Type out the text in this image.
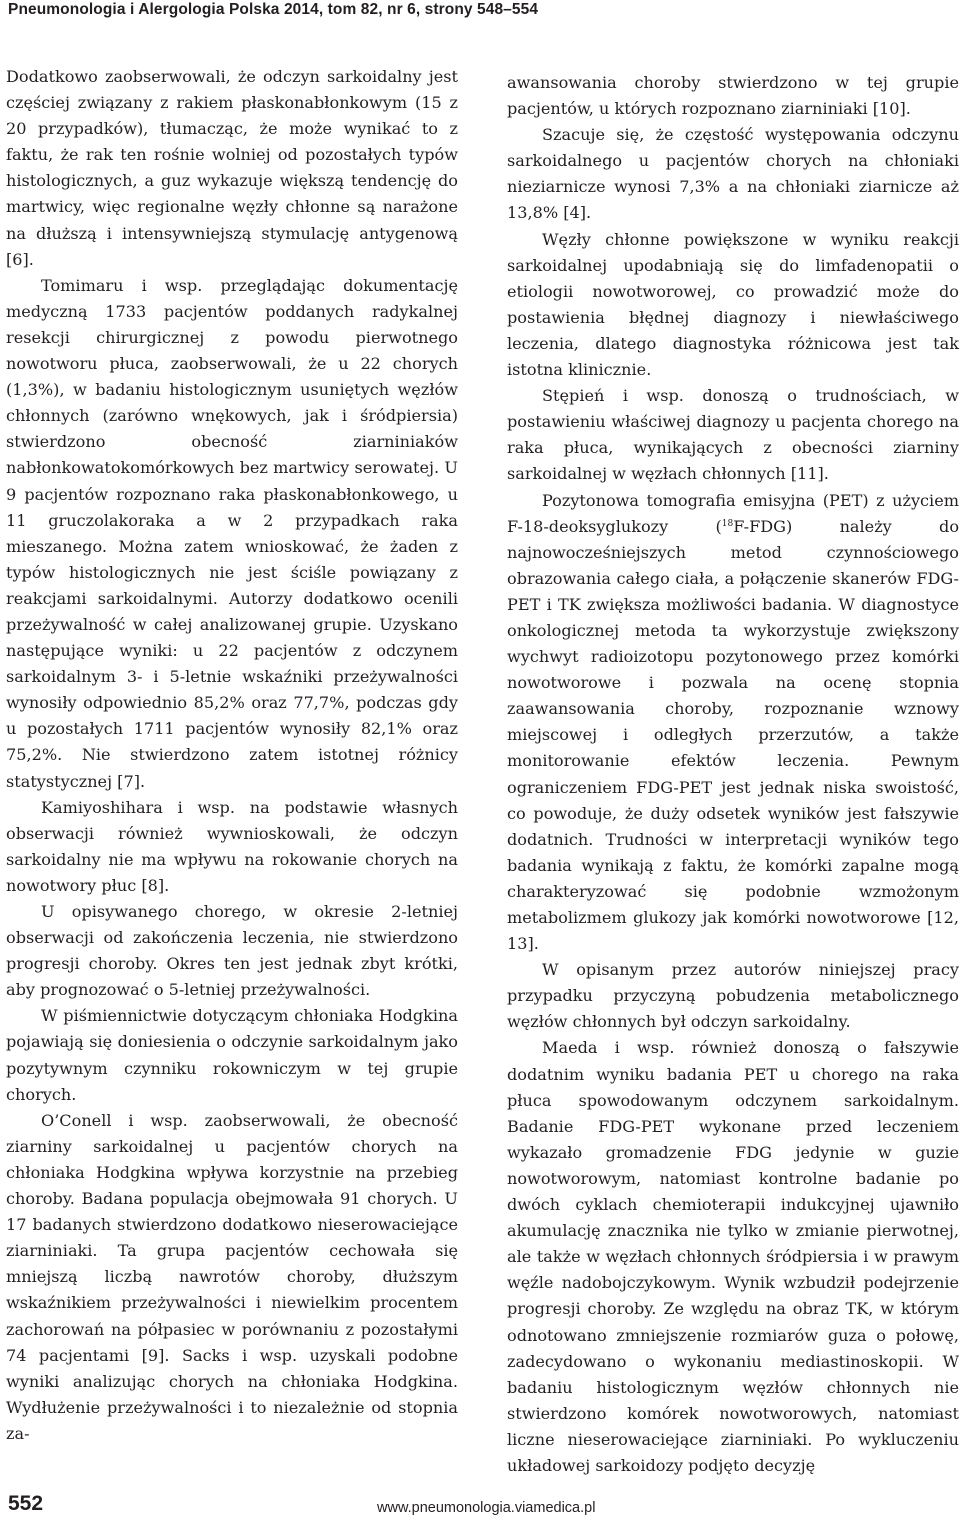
Pneumonologia i Alergologia Polska 2014, tom 82, nr 6, strony 548–554

Dodatkowo zaobserwowali, że odczyn sarkoidalny jest częściej związany z rakiem płaskonabłonkowym (15 z 20 przypadków), tłumacząc, że może wynikać to z faktu, że rak ten rośnie wolniej od pozostałych typów histologicznych, a guz wykazuje większą tendencję do martwicy, więc regionalne węzły chłonne są narażone na dłuższą i intensywniejszą stymulację antygenową [6].

Tomimaru i wsp. przeglądając dokumentację medyczną 1733 pacjentów poddanych radykalnej resekcji chirurgicznej z powodu pierwotnego nowotworu płuca, zaobserwowali, że u 22 chorych (1,3%), w badaniu histologicznym usuniętych węzłów chłonnych (zarówno wnękowych, jak i śródpiersia) stwierdzono obecność ziarniniaków nabłonkowatokomórkowych bez martwicy serowatej. U 9 pacjentów rozpoznano raka płaskonabłonkowego, u 11 gruczolakoraka a w 2 przypadkach raka mieszanego. Można zatem wnioskować, że żaden z typów histologicznych nie jest ściśle powiązany z reakcjami sarkoidalnymi. Autorzy dodatkowo ocenili przeżywalność w całej analizowanej grupie. Uzyskano następujące wyniki: u 22 pacjentów z odczynem sarkoidalnym 3- i 5-letnie wskaźniki przeżywalności wynosiły odpowiednio 85,2% oraz 77,7%, podczas gdy u pozostałych 1711 pacjentów wynosiły 82,1% oraz 75,2%. Nie stwierdzono zatem istotnej różnicy statystycznej [7].

Kamiyoshihara i wsp. na podstawie własnych obserwacji również wywnioskowali, że odczyn sarkoidalny nie ma wpływu na rokowanie chorych na nowotwory płuc [8].

U opisywanego chorego, w okresie 2-letniej obserwacji od zakończenia leczenia, nie stwierdzono progresji choroby. Okres ten jest jednak zbyt krótki, aby prognozować o 5-letniej przeżywalności.

W piśmiennictwie dotyczącym chłoniaka Hodgkina pojawiają się doniesienia o odczynie sarkoidalnym jako pozytywnym czynniku rokowniczym w tej grupie chorych.

O’Conell i wsp. zaobserwowali, że obecność ziarniny sarkoidalnej u pacjentów chorych na chłoniaka Hodgkina wpływa korzystnie na przebieg choroby. Badana populacja obejmowała 91 chorych. U 17 badanych stwierdzono dodatkowo nieserowaciejące ziarniniaki. Ta grupa pacjentów cechowała się mniejszą liczbą nawrotów choroby, dłuższym wskaźnikiem przeżywalności i niewielkim procentem zachorowań na półpasiec w porównaniu z pozostałymi 74 pacjentami [9]. Sacks i wsp. uzyskali podobne wyniki analizując chorych na chłoniaka Hodgkina. Wydłużenie przeżywalności i to niezależnie od stopnia za-

awansowania choroby stwierdzono w tej grupie pacjentów, u których rozpoznano ziarniniaki [10].

Szacuje się, że częstość występowania odczynu sarkoidalnego u pacjentów chorych na chłoniaki nieziarnicze wynosi 7,3% a na chłoniaki ziarnicze aż 13,8% [4].

Węzły chłonne powiększone w wyniku reakcji sarkoidalnej upodabniają się do limfadenopatii o etiologii nowotworowej, co prowadzić może do postawienia błędnej diagnozy i niewłaściwego leczenia, dlatego diagnostyka różnicowa jest tak istotna klinicznie.

Stępień i wsp. donoszą o trudnościach, w postawieniu właściwej diagnozy u pacjenta chorego na raka płuca, wynikających z obecności ziarniny sarkoidalnej w węzłach chłonnych [11].

Pozytonowa tomografia emisyjna (PET) z użyciem F-18-deoksyglukozy ($^{18}$F-FDG) należy do najnowocześniejszych metod czynnościowego obrazowania całego ciała, a połączenie skanerów FDG-PET i TK zwiększa możliwości badania. W diagnostyce onkologicznej metoda ta wykorzystuje zwiększony wychwyt radioizotopu pozytonowego przez komórki nowotworowe i pozwala na ocenę stopnia zaawansowania choroby, rozpoznanie wznowy miejscowej i odległych przerzutów, a także monitorowanie efektów leczenia. Pewnym ograniczeniem FDG-PET jest jednak niska swoistość, co powoduje, że duży odsetek wyników jest fałszywie dodatnich. Trudności w interpretacji wyników tego badania wynikają z faktu, że komórki zapalne mogą charakteryzować się podobnie wzmożonym metabolizmem glukozy jak komórki nowotworowe [12, 13].

W opisanym przez autorów niniejszej pracy przypadku przyczyną pobudzenia metabolicznego węzłów chłonnych był odczyn sarkoidalny.

Maeda i wsp. również donoszą o fałszywie dodatnim wyniku badania PET u chorego na raka płuca spowodowanym odczynem sarkoidalnym. Badanie FDG-PET wykonane przed leczeniem wykazało gromadzenie FDG jedynie w guzie nowotworowym, natomiast kontrolne badanie po dwóch cyklach chemioterapii indukcyjnej ujawniło akumulację znacznika nie tylko w zmianie pierwotnej, ale także w węzłach chłonnych śródpiersia i w prawym węźle nadobojczykowym. Wynik wzbudził podejrzenie progresji choroby. Ze względu na obraz TK, w którym odnotowano zmniejszenie rozmiarów guza o połowę, zadecydowano o wykonaniu mediastinoskopii. W badaniu histologicznym węzłów chłonnych nie stwierdzono komórek nowotworowych, natomiast liczne nieserowaciejące ziarniniaki. Po wykluczeniu układowej sarkoidozy podjęto decyzję

552	www.pneumonologia.viamedica.pl
